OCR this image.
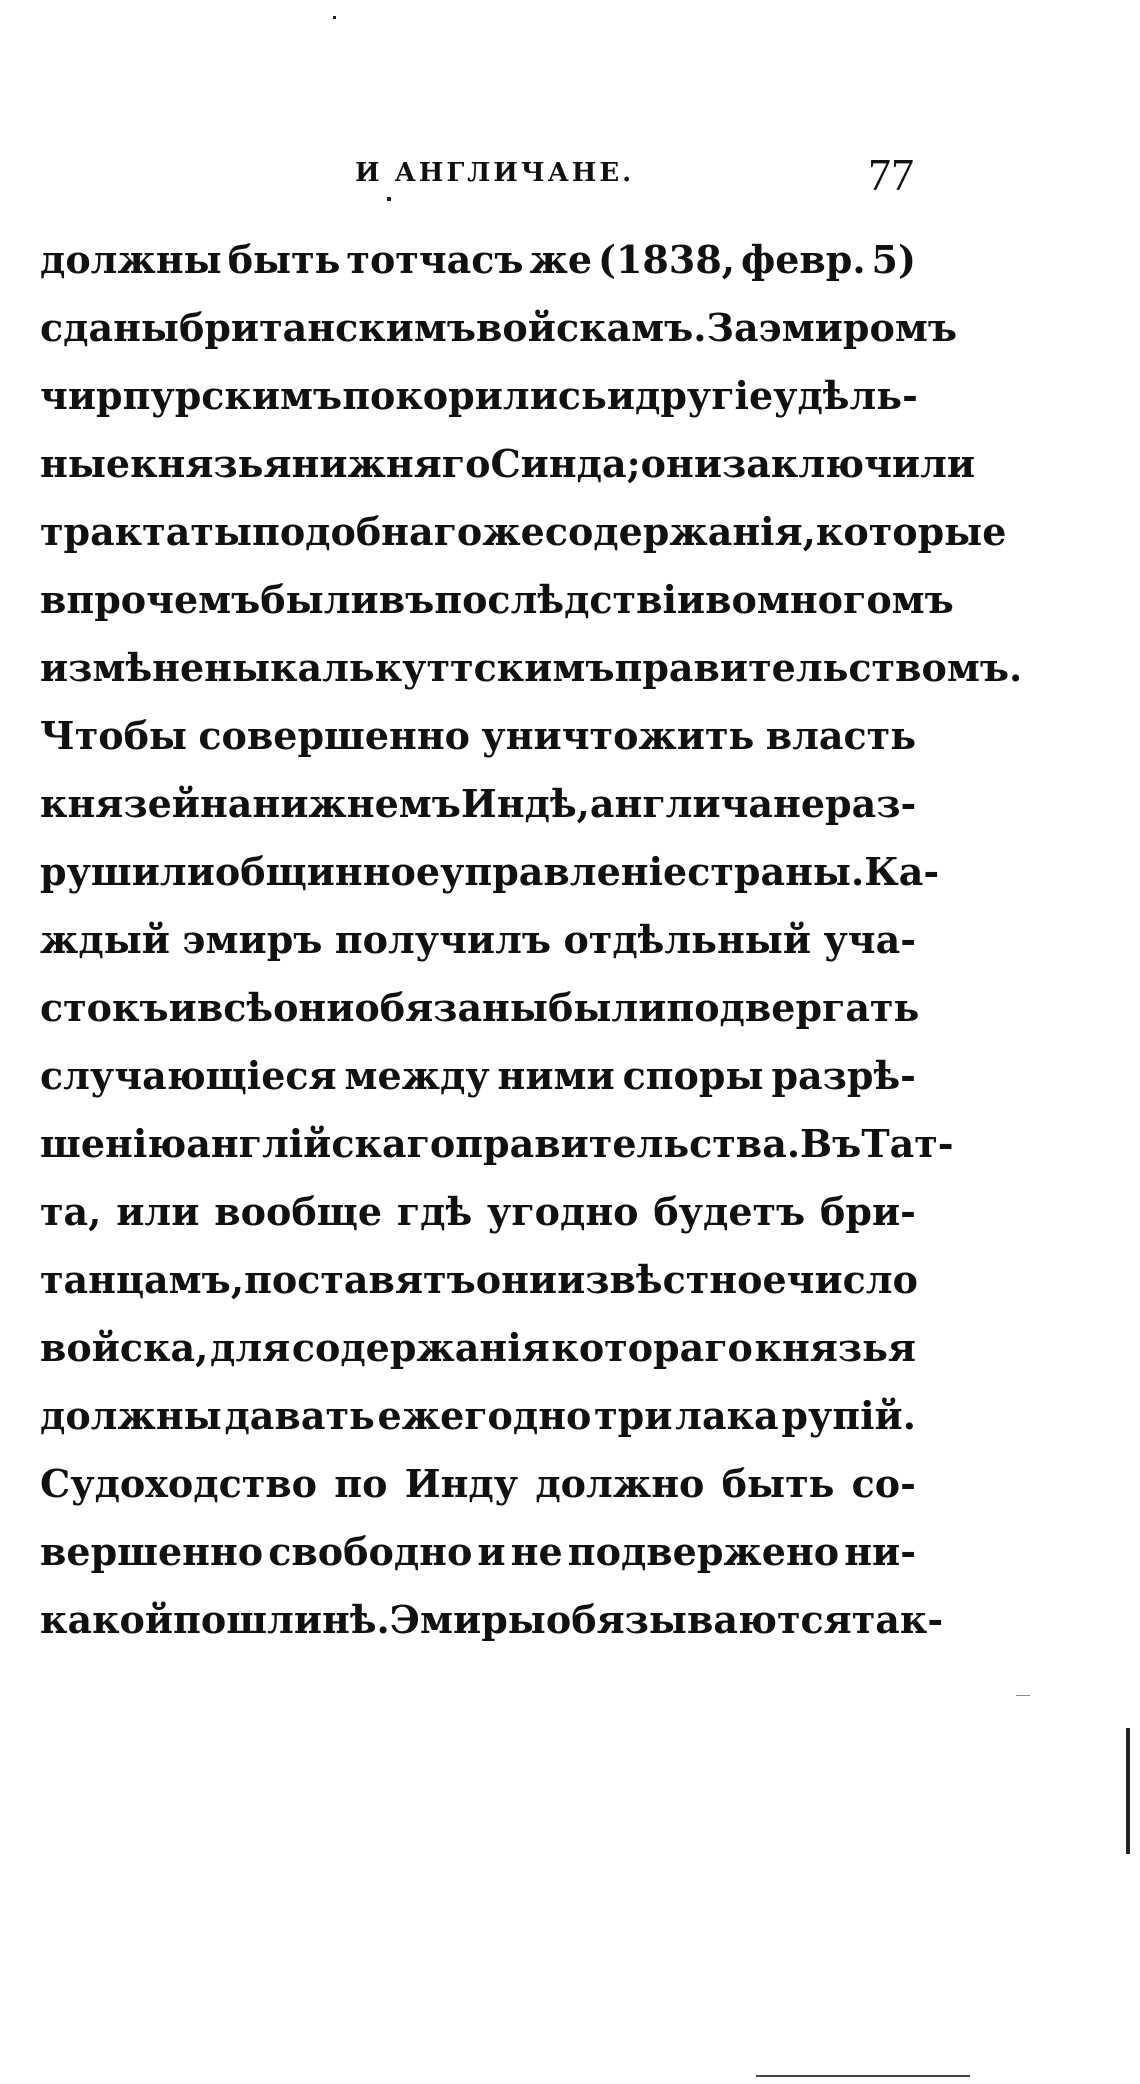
И АНГЛИЧАНЕ.	77
должны быть тотчасъ же (1838, февр. 5)
сданы британскимъ войскамъ. За эмиромъ
чирпурскимъ покорились и другіе удѣль-
ные князья нижняго Синда; они заключили
трактаты подобнаго же содержанія, которые
впрочемъ были въ послѣдствіи во многомъ
измѣнены калькуттскимъ правительствомъ.
Чтобы совершенно уничтожить власть
князей на нижнемъ Индѣ, англичане раз-
рушили общинное управленіе страны. Ка-
ждый эмиръ получилъ отдѣльный уча-
стокъ и всѣ они обязаны были подвергать
случающіеся между ними споры разрѣ-
шенію англійскаго правительства. Въ Тат-
та, или вообще гдѣ угодно будетъ бри-
танцамъ, поставятъ они извѣстное число
войска, для содержанія котораго князья
должны давать ежегодно три лака рупій.
Судоходство по Инду должно быть со-
вершенно свободно и не подвержено ни-
какой пошлинѣ. Эмиры обязываются так-
